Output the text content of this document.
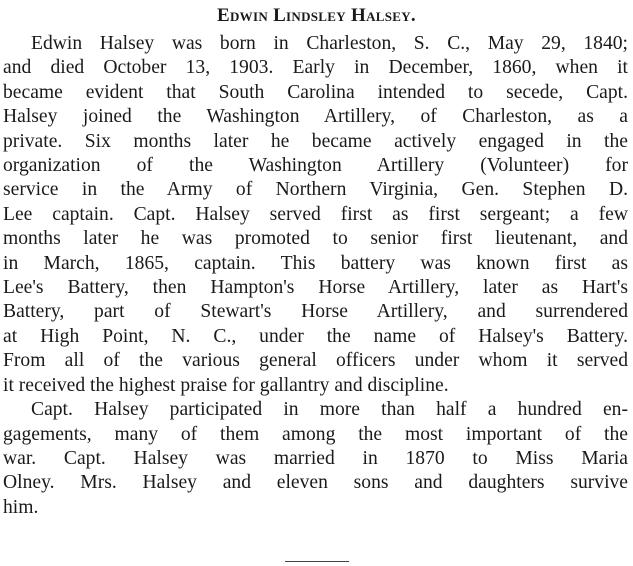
Edwin Lindsley Halsey.
Edwin Halsey was born in Charleston, S. C., May 29, 1840;
and died October 13, 1903. Early in December, 1860, when it
became evident that South Carolina intended to secede, Capt.
Halsey joined the Washington Artillery, of Charleston, as a
private. Six months later he became actively engaged in the
organization of the Washington Artillery (Volunteer) for
service in the Army of Northern Virginia, Gen. Stephen D.
Lee captain. Capt. Halsey served first as first sergeant; a few
months later he was promoted to senior first lieutenant, and
in March, 1865, captain. This battery was known first as
Lee's Battery, then Hampton's Horse Artillery, later as Hart's
Battery, part of Stewart's Horse Artillery, and surrendered
at High Point, N. C., under the name of Halsey's Battery.
From all of the various general officers under whom it served
it received the highest praise for gallantry and discipline.
Capt. Halsey participated in more than half a hundred en-
gagements, many of them among the most important of the
war. Capt. Halsey was married in 1870 to Miss Maria
Olney. Mrs. Halsey and eleven sons and daughters survive
him.
